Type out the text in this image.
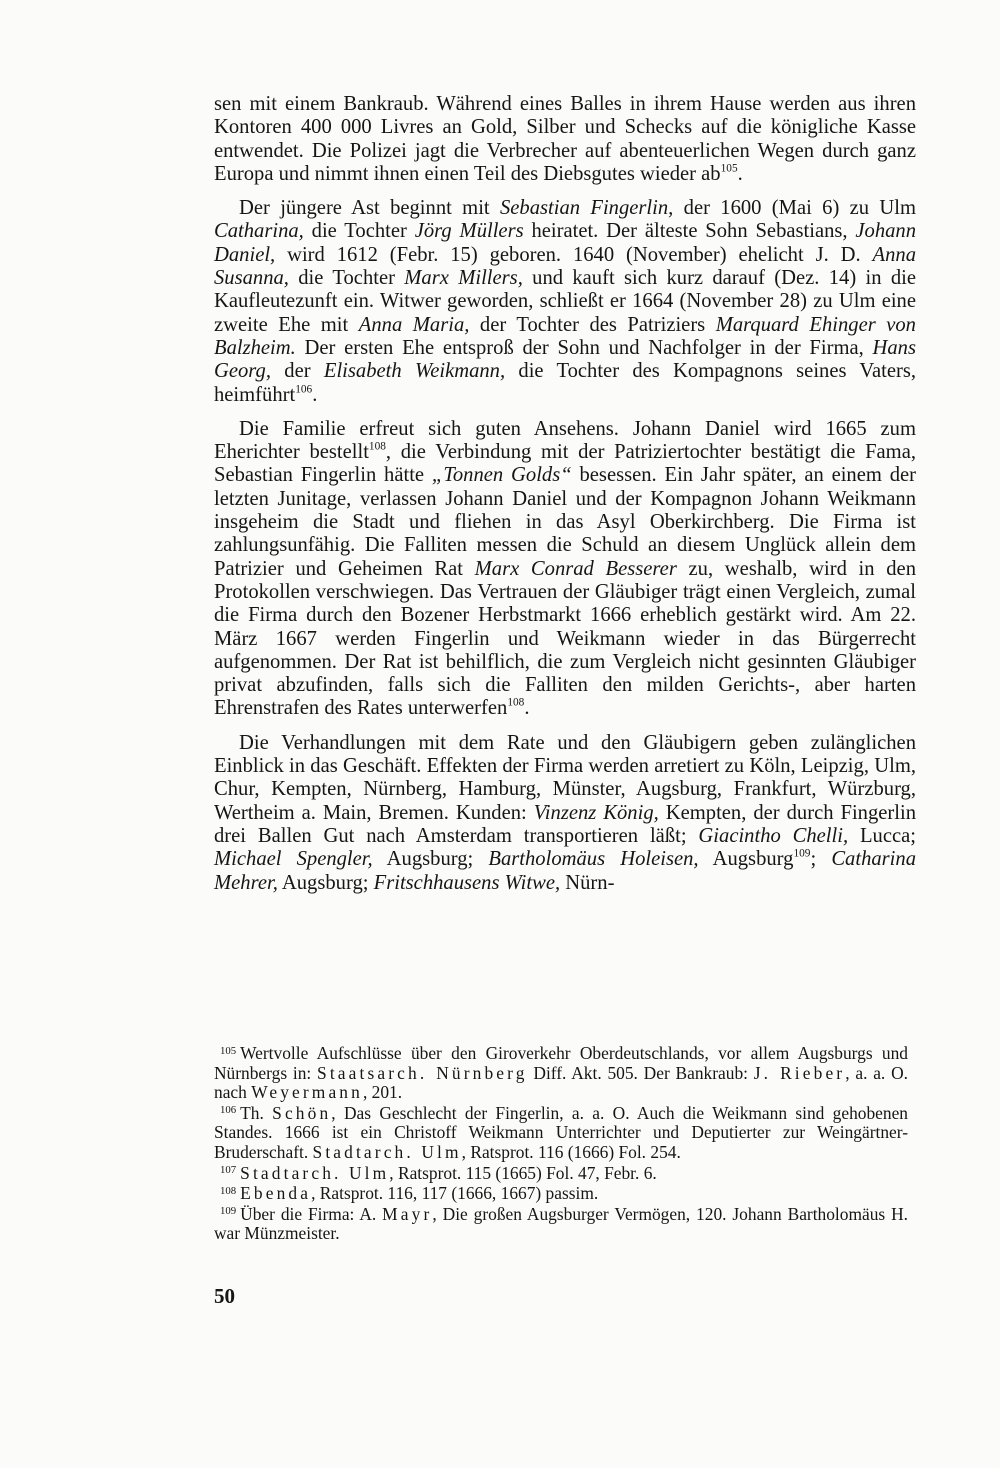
sen mit einem Bankraub. Während eines Balles in ihrem Hause werden aus ihren Kontoren 400 000 Livres an Gold, Silber und Schecks auf die königliche Kasse entwendet. Die Polizei jagt die Verbrecher auf abenteuerlichen Wegen durch ganz Europa und nimmt ihnen einen Teil des Diebsgutes wieder $ab^{105}$.

Der jüngere Ast beginnt mit Sebastian Fingerlin, der 1600 (Mai 6) zu Ulm Catharina, die Tochter Jörg Müllers heiratet. Der älteste Sohn Sebastians, Johann Daniel, wird 1612 (Febr. 15) geboren. 1640 (November) ehelicht J. D. Anna Susanna, die Tochter Marx Millers, und kauft sich kurz darauf (Dez. 14) in die Kaufleutezunft ein. Witwer geworden, schließt er 1664 (November 28) zu Ulm eine zweite Ehe mit Anna Maria, der Tochter des Patriziers Marquard Ehinger von Balzheim. Der ersten Ehe entsproß der Sohn und Nachfolger in der Firma, Hans Georg, der Elisabeth Weikmann, die Tochter des Kompagnons seines Vaters, heimführt$^{106}$.

Die Familie erfreut sich guten Ansehens. Johann Daniel wird 1665 zum Eherichter bestellt$^{108}$, die Verbindung mit der Patriziertochter bestätigt die Fama, Sebastian Fingerlin hätte „Tonnen Golds“ besessen. Ein Jahr später, an einem der letzten Junitage, verlassen Johann Daniel und der Kompagnon Johann Weikmann insgeheim die Stadt und fliehen in das Asyl Oberkirchberg. Die Firma ist zahlungsunfähig. Die Falliten messen die Schuld an diesem Unglück allein dem Patrizier und Geheimen Rat Marx Conrad Besserer zu, weshalb, wird in den Protokollen verschwiegen. Das Vertrauen der Gläubiger trägt einen Vergleich, zumal die Firma durch den Bozener Herbstmarkt 1666 erheblich gestärkt wird. Am 22. März 1667 werden Fingerlin und Weikmann wieder in das Bürgerrecht aufgenommen. Der Rat ist behilflich, die zum Vergleich nicht gesinnten Gläubiger privat abzufinden, falls sich die Falliten den milden Gerichts-, aber harten Ehrenstrafen des Rates unterwerfen$^{108}$.

Die Verhandlungen mit dem Rate und den Gläubigern geben zulänglichen Einblick in das Geschäft. Effekten der Firma werden arretiert zu Köln, Leipzig, Ulm, Chur, Kempten, Nürnberg, Hamburg, Münster, Augsburg, Frankfurt, Würzburg, Wertheim a. Main, Bremen. Kunden: Vinzenz König, Kempten, der durch Fingerlin drei Ballen Gut nach Amsterdam transportieren läßt; Giacintho Chelli, Lucca; Michael Spengler, Augsburg; Bartholomäus Holeisen, Augsburg$^{109}$; Catharina Mehrer, Augsburg; Fritschhausens Witwe, Nürn-

$^{105}$ Wertvolle Aufschlüsse über den Giroverkehr Oberdeutschlands, vor allem Augsburgs und Nürnbergs in: Staatsarch. Nürnberg Diff. Akt. 505. Der Bankraub: J. Rieber, a. a. O. nach Weyermann, 201.

$^{106}$ Th. Schön, Das Geschlecht der Fingerlin, a. a. O. Auch die Weikmann sind gehobenen Standes. 1666 ist ein Christoff Weikmann Unterrichter und Deputierter zur Weingärtner-Bruderschaft. Stadtarch. Ulm, Ratsprot. 116 (1666) Fol. 254.

$^{107}$ Stadtarch. Ulm, Ratsprot. 115 (1665) Fol. 47, Febr. 6.

$^{108}$ Ebenda, Ratsprot. 116, 117 (1666, 1667) passim.

$^{109}$ Über die Firma: A. Mayr, Die großen Augsburger Vermögen, 120. Johann Bartholomäus H. war Münzmeister.

50
